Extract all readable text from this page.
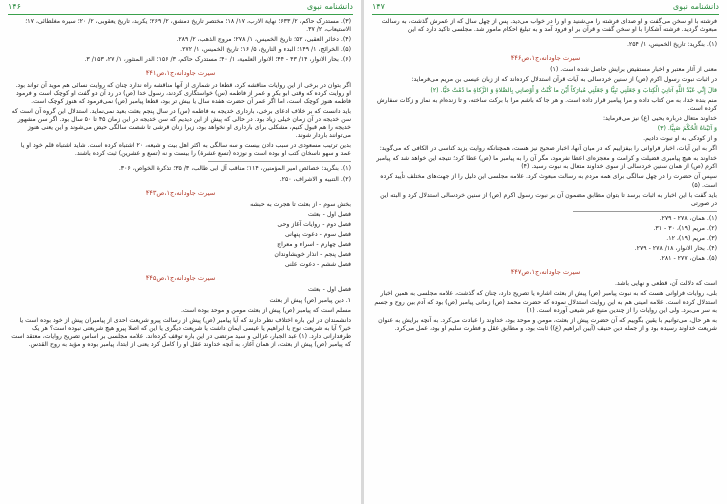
۱۴۶	دانشنامه نبوی

(۳). مستدرک حاکم، ۲/ ۶۳۳؛ نهایة الارب، ۱۷/ ۱۸؛ مختصر تاریخ دمشق، ۲/ ۲۶۹؛ یکربد، تاریخ یعقوبی، ۲/ ۲۰؛ سیره مغلطائی، ۱۷؛ الاستیعاب، ۲/ ۳۷.

(۴). دخائر العقبی، ۵۲؛ تاریخ الخمیس، ۱/ ۲۷۸؛ مروج الذهب، ۲/ ۲۸۹.

(۵). الخرائج، ۱/ ۱۴۹؛ البدء و التاریخ، ۵/ ۱۶؛ تاریخ الخمیس، ۱/ ۲۷۲.

(۶). بحار الانوار، ۱۴/ ۴۳ - ۴۴؛ الانوار العلمیة، ۱/ ۴۰؛ مستدرک حاکم، ۳/ ۱۵۶؛ الدر المنثور، ۱/ ۲۷، ۱۵۳/ ۳.

سیرت جاودانه،ج۱،ص۴۴۱

اگر بتوان در برخی از این روایات مناقشه کرد، قطعا در شماری از آنها مناقشه راه ندارد چنان که روایت نسائی هم موید آن تواند بود. او روایت کرده که وقتی ابو بکر و عمر از فاطمه (س) خواستگاری کردند، رسول خدا (ص) در رد آن دو گفت او کوچک است و فرمود فاطمه هنوز کوچک است، اما اگر عمر آن حضرت هفده سال یا بیش تر بود، قطعا پیامبر (ص) نمی‌فرمود که هنوز کوچک است.

باید دانست که بر خلاف ادعای برخی، بارداری خدیجه به فاطمه (س) در سال پنجم بعثت بعید نمی‌نماید. استدلال این گروه آن است که سن خدیجه در آن زمان خیلی زیاد بود. در حالی که پیش از این دیدیم که سن خدیجه در این زمان ۴۵ تا ۵۰ سال بود. اگر سن مشهور خدیجه را هم قبول کنیم، مشکلی برای بارداری او نخواهد بود، زیرا زنان قرشی تا شصت سالگی حیض می‌شوند و این یعنی هنوز می‌توانند باردار شوند.

بدین ترتیب مسعودی در سبب دادن بیست و سه سالگی به اکثر اهل بیت و شیعه، ۲۰ اشتباه کرده است. شاید اشتباه قلم خود او یا عمد و سهو ناسخان کتب او بوده است و نوزده (تسع عشرة) را بیست و نه (تسع و عشرین) ثبت کرده باشند.

(۱). بنگرید: خصائص امیر المؤمنین، ۱۱۴؛ مناقب آل ابی طالب، ۳/ ۳۵؛ تذکرة الخواص، ۳۰۶.

(۲). التنبیه و الاشراف، ۲۵۰.

سیرت جاودانه،ج۱،ص۴۴۳

بخش سوم - از بعثت تا هجرت به حبشه

فصل اول - بعثت

فصل دوم - روایات آغاز وحی

فصل سوم - دعوت پنهانی

فصل چهارم - اسراء و معراج

فصل پنجم - انذار خویشاوندان

فصل ششم - دعوت علنی

سیرت جاودانه،ج۱،ص۴۴۵

فصل اول - بعثت

۱. دین پیامبر (ص) پیش از بعثت

مسلم است که پیامبر (ص) پیش از بعثت مومن و موحد بوده است.

دانشمندان در این باره اختلاف نظر دارند که آیا پیامبر (ص) پیش از رسالت پیرو شریعت احدی از پیامبران پیش از خود بوده است یا خیر؟ آیا به شریعت نوح یا ابراهیم یا عیسی ایمان داشت یا شریعت دیگری یا این که اصلا پیرو هیچ شریعتی نبوده است؟ هر یک طرفدارانی دارد. (۱) عبد الجبار، غزالی و سید مرتضی در این باره توقف کرده‌اند. علامه مجلسی بر اساس تصریح روایات، معتقد است که پیامبر (ص) پیش از بعثت، از همان آغاز، به آنچه خداوند عقل او را کامل کرد یعنی از ابتدا، پیامبر بوده و مؤید به روح القدس.

۱۴۷	دانشنامه نبوی

فرشته با او سخن می‌گفت و او صدای فرشته را می‌شنید و او را در خواب می‌دید. پس از چهل سال که از عمرش گذشت، به رسالت مبعوث گردید. فرشته آشکارا با او سخن گفت و قرآن بر او فرود آمد و به تبلیغ احکام مامور شد. مجلسی تاکید دارد که این

(۱). بنگرید: تاریخ الخمیس، ۱/ ۲۵۴.

سیرت جاودانه،ج۱،ص۴۴۶

معنی از آثار معتبر و اخبار مستفیض برایش حاصل شده است. (۱)

در اثبات نبوت رسول اکرم (ص) از سنین خردسالی به آیات قرآن استدلال کرده‌اند که از زبان عیسی بن مریم می‌فرماید:

قالَ إِنِّي عَبْدُ اللَّهِ آتانِيَ الْكِتابَ وَ جَعَلَنِي نَبِيًّا وَ جَعَلَنِي مُبارَكاً أَيْنَ ما كُنْتُ وَ أَوْصانِي بِالصَّلاةِ وَ الزَّكاةِ ما دُمْتُ حَيًّا. (۲)

منم بنده خدا، به من کتاب داده و مرا پیامبر قرار داده است. و هر جا که باشم مرا با برکت ساخته، و تا زنده‌ام به نماز و زکات سفارش کرده است.

خداوند متعال درباره یحیی (ع) نیز می‌فرماید:

وَ آتَيْناهُ الْحُكْمَ صَبِيًّا. (۳)

و از کودکی به او نبوت دادیم.

اگر به این آیات، اخبار فراوانی را بیفزاییم که در میان آنها، اخبار صحیح نیز هست، همچنانکه روایت یزید کناسی در الکافی که می‌گوید:

خداوند به هیچ پیامبری فضیلت و کرامت و معجزه‌ای اعطا نفرمود، مگر آن را به پیامبر ما (ص) عطا کرد؛ نتیجه این خواهد شد که پیامبر اکرم (ص) از همان سنین خردسالی از سوی خداوند متعال به نبوت رسید. (۴)

سپس آن حضرت را در چهل سالگی برای همه مردم به رسالت مبعوث کرد. علامه مجلسی این دلیل را از جهت‌های مختلف تأیید کرده است. (۵)

باید گفت با این اخبار به اثبات برسد تا بتوان مطابق مضمون آن بر نبوت رسول اکرم (ص) از سنین خردسالی استدلال کرد و البته این در صورتی

(۱). همان، ۲۷۸ - ۲۷۹.

(۲). مریم (۱۹)، ۳۰ - ۳۱.

(۳). مریم (۱۹)، ۱۲.

(۴). بحار الانوار، ۱۸/ ۲۷۸ - ۲۷۹.

(۵). همان، ۲۷۷ - ۲۸۱.

سیرت جاودانه،ج۱،ص۴۴۷

است که دلالت آن، قطعی و نهایی باشد.

بلی، روایات فراوانی هست که به نبوت پیامبر (ص) پیش از بعثت اشاره یا تصریح دارد، چنان که گذشت، علامه مجلسی به همین اخبار استدلال کرده است. علامه امینی هم به این روایت استدلال نموده که حضرت محمد (ص) زمانی پیامبر (ص) بود که آدم بین روح و جسم به سر می‌برد. ولی این روایات را از چندین منبع غیر شیعی آورده است. (۱)

به هر حال، می‌توانیم با یقین بگوییم که آن حضرت پیش از بعثت، مومن و موحد بود، خداوند را عبادت می‌کرد. به آنچه برایش به عنوان شریعت خداوند رسیده بود و از جمله دین حنیف (آیین ابراهیم (ع)) ثابت بود، و مطابق عقل و فطرت سلیم او بود، عمل می‌کرد.
